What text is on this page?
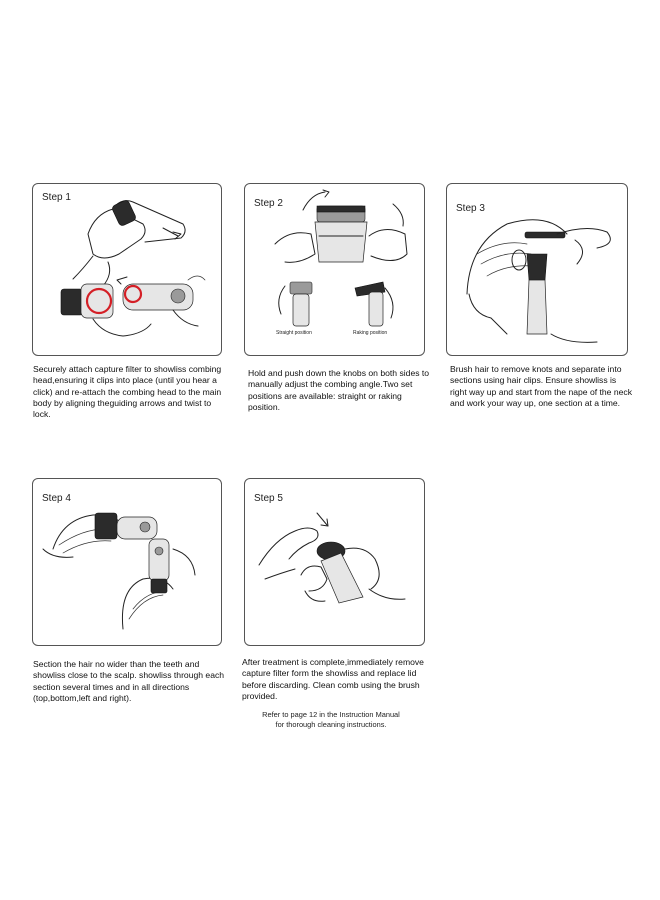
Step 1

Securely attach capture filter to showliss combing head,ensuring it clips into place (until you hear a click) and re-attach the combing head to the main body by aligning theguiding arrows and twist to lock.

Step 2
Straight position	Raking position

Hold and push down the knobs on both sides to manually adjust the combing angle.Two set positions are available: straight or raking position.

Step 3

Brush hair to remove knots and separate into sections using hair clips. Ensure showliss is right way up and start from the nape of the neck and work your way up, one section at a time.

Step 4

Section the hair no wider than the teeth and showliss close to the scalp. showliss through each section several times and in all directions (top,bottom,left and right).

Step 5

After treatment is complete,immediately remove capture filter form the showliss and replace lid before discarding. Clean comb using the brush provided.

Refer to page 12 in the Instruction Manual
for thorough cleaning instructions.
